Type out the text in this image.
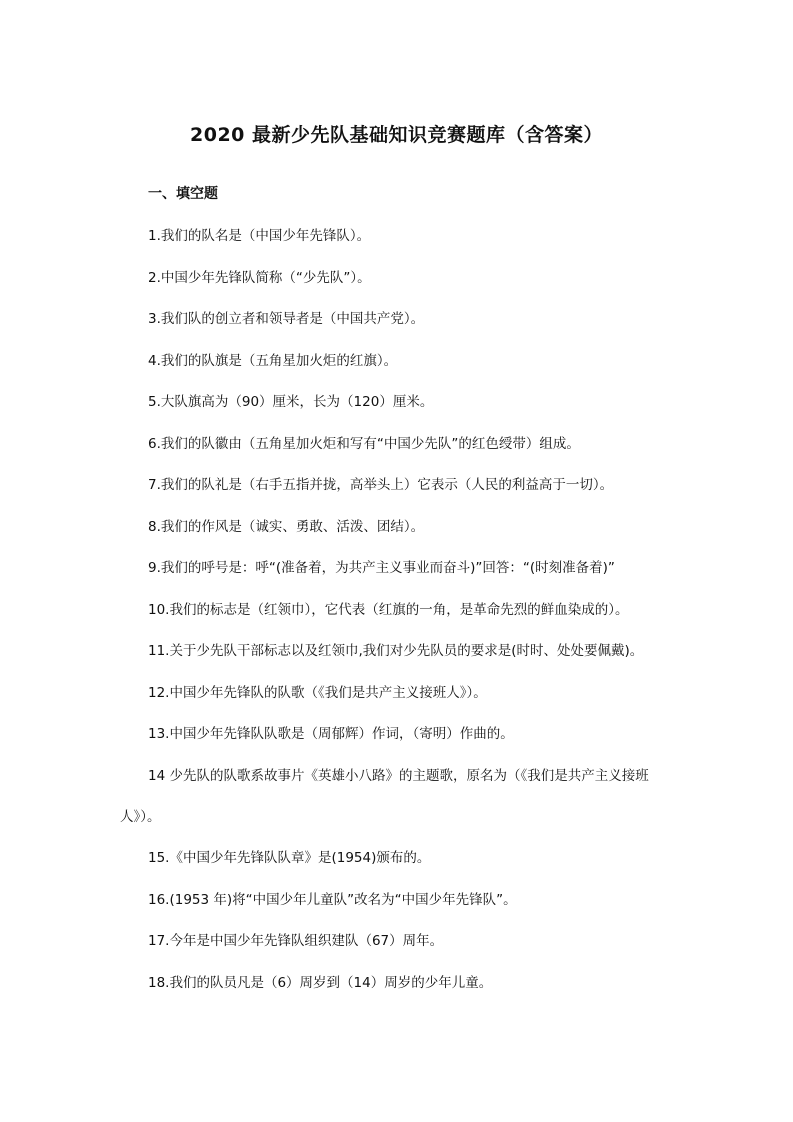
2020 最新少先队基础知识竞赛题库（含答案）
一、填空题
1.我们的队名是（中国少年先锋队）。
2.中国少年先锋队简称（“少先队”）。
3.我们队的创立者和领导者是（中国共产党）。
4.我们的队旗是（五角星加火炬的红旗）。
5.大队旗高为（90）厘米，长为（120）厘米。
6.我们的队徽由（五角星加火炬和写有“中国少先队”的红色绶带）组成。
7.我们的队礼是（右手五指并拢，高举头上）它表示（人民的利益高于一切）。
8.我们的作风是（诚实、勇敢、活泼、团结）。
9.我们的呼号是：呼“(准备着，为共产主义事业而奋斗)”回答：“(时刻准备着)”
10.我们的标志是（红领巾），它代表（红旗的一角，是革命先烈的鲜血染成的）。
11.关于少先队干部标志以及红领巾,我们对少先队员的要求是(时时、处处要佩戴)。
12.中国少年先锋队的队歌（《我们是共产主义接班人》）。
13.中国少年先锋队队歌是（周郁辉）作词，（寄明）作曲的。
14 少先队的队歌系故事片《英雄小八路》的主题歌，原名为（《我们是共产主义接班
人》）。
15.《中国少年先锋队队章》是(1954)颁布的。
16.(1953 年)将“中国少年儿童队”改名为“中国少年先锋队”。
17.今年是中国少年先锋队组织建队（67）周年。
18.我们的队员凡是（6）周岁到（14）周岁的少年儿童。
